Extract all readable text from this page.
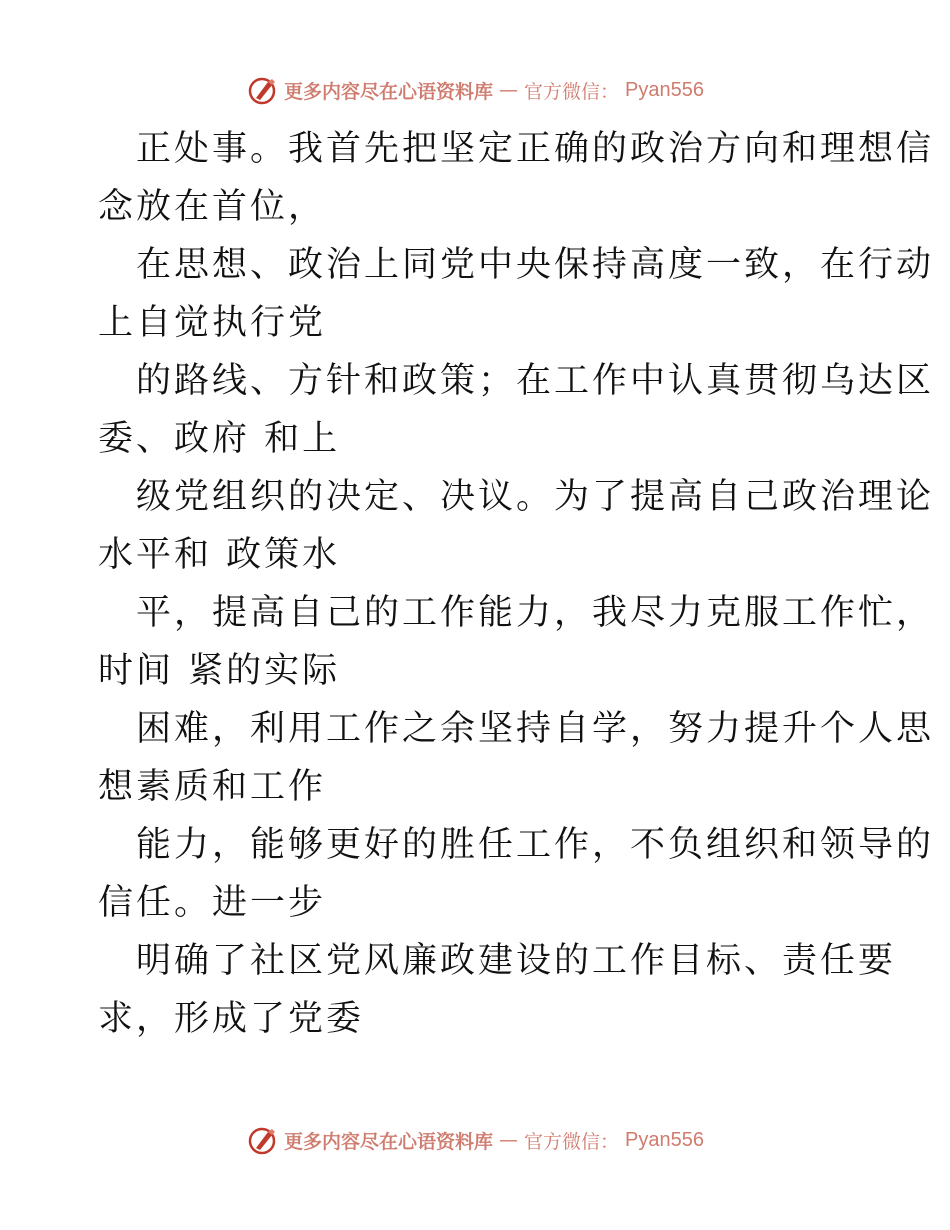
更多内容尽在心语资料库 — 官方微信： Pyan556

正处事。我首先把坚定正确的政治方向和理想信
念放在首位，

在思想、政治上同党中央保持高度一致，在行动
上自觉执行党

的路线、方针和政策；在工作中认真贯彻乌达区
委、政府 和上

级党组织的决定、决议。为了提高自己政治理论
水平和 政策水

平，提高自己的工作能力，我尽力克服工作忙，
时间 紧的实际

困难，利用工作之余坚持自学，努力提升个人思
想素质和工作

能力，能够更好的胜任工作，不负组织和领导的
信任。进一步

明确了社区党风廉政建设的工作目标、责任要
求，形成了党委

更多内容尽在心语资料库 — 官方微信： Pyan556
